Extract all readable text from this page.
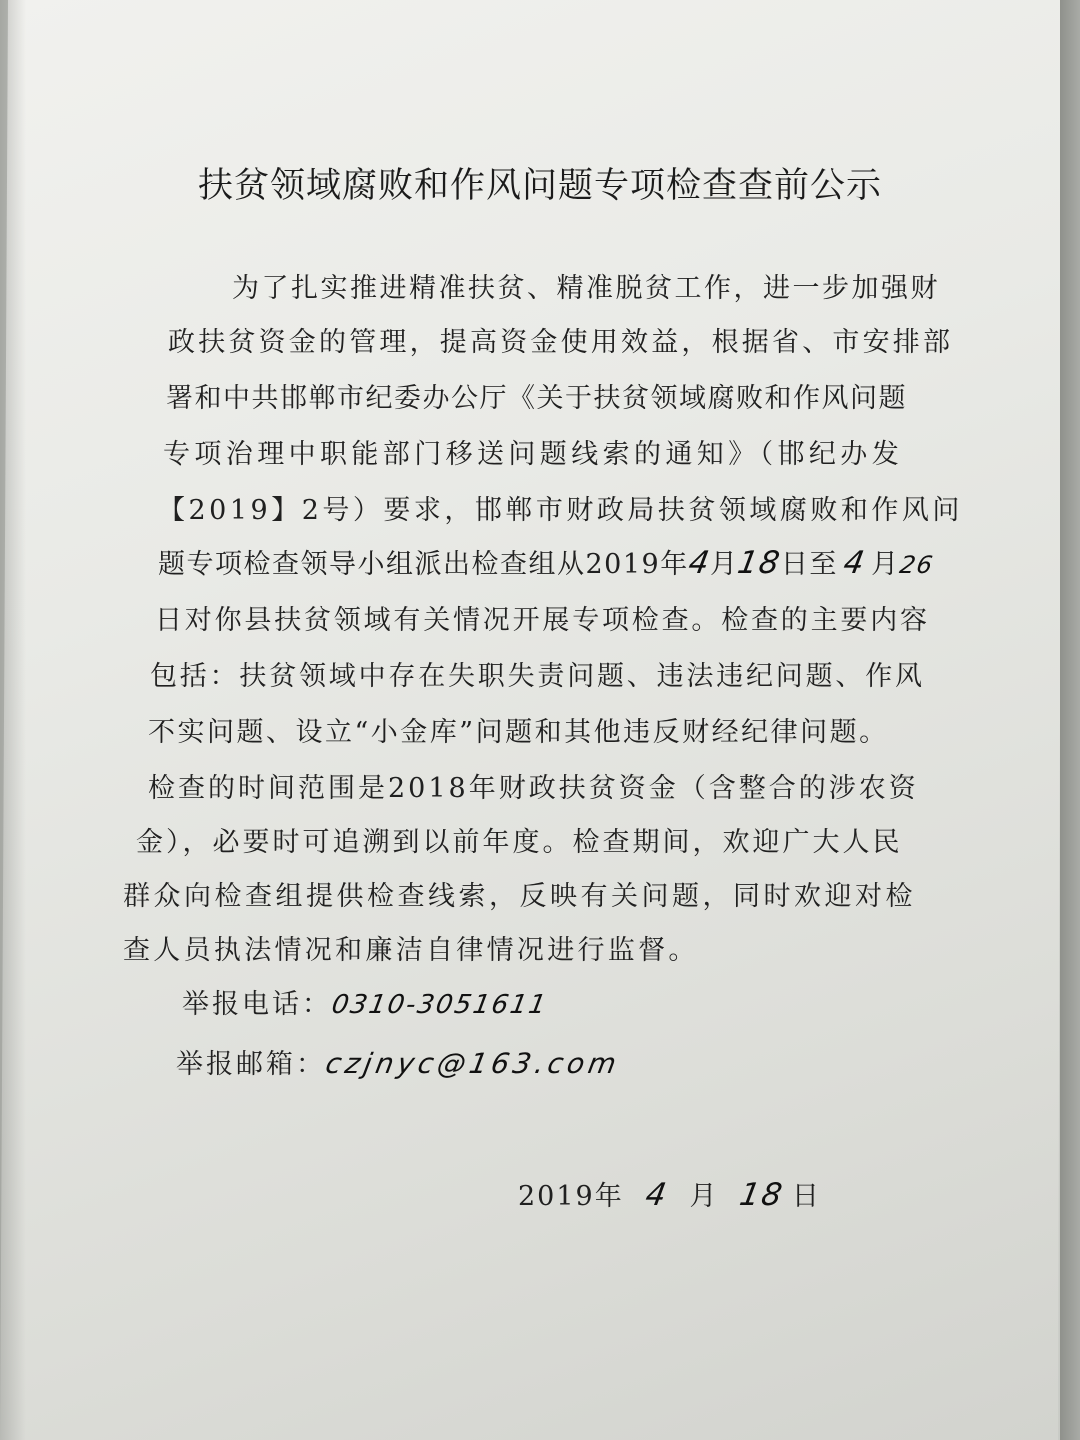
扶贫领域腐败和作风问题专项检查查前公示
为了扎实推进精准扶贫、精准脱贫工作，进一步加强财
政扶贫资金的管理，提高资金使用效益，根据省、市安排部
署和中共邯郸市纪委办公厅《关于扶贫领域腐败和作风问题
专项治理中职能部门移送问题线索的通知》（邯纪办发
【2019】2号）要求，邯郸市财政局扶贫领域腐败和作风问
题专项检查领导小组派出检查组从2019年4月18日至4 月26
日对你县扶贫领域有关情况开展专项检查。检查的主要内容
包括：扶贫领域中存在失职失责问题、违法违纪问题、作风
不实问题、设立“小金库”问题和其他违反财经纪律问题。
检查的时间范围是2018年财政扶贫资金（含整合的涉农资
金），必要时可追溯到以前年度。检查期间，欢迎广大人民
群众向检查组提供检查线索，反映有关问题，同时欢迎对检
查人员执法情况和廉洁自律情况进行监督。
举报电话：0310-3051611
举报邮箱：czjnyc@163.com
2019年 4 月 18 日
